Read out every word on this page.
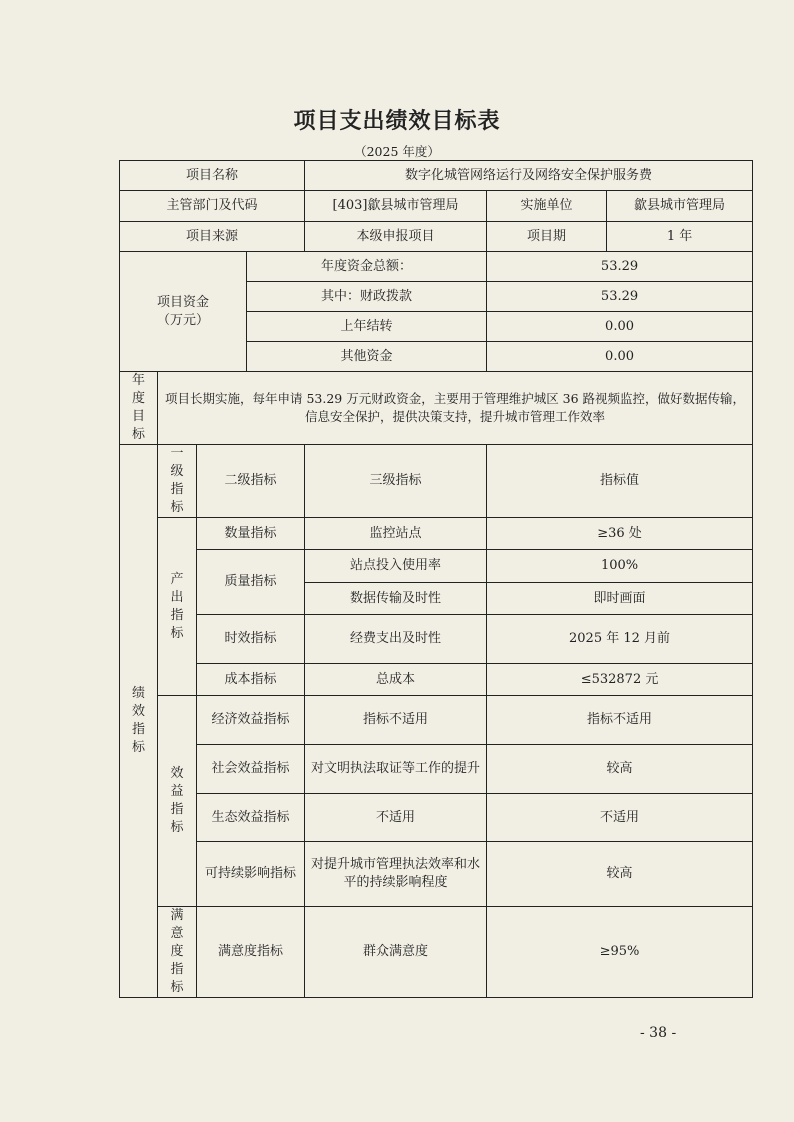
项目支出绩效目标表
（2025 年度）
项目名称				数字化城管网络运行及网络安全保护服务费		
主管部门及代码				[403]歙县城市管理局	实施单位	歙县城市管理局
项目来源				本级申报项目	项目期	1 年

项目资金
（万元）			年度资金总额：		53.29	
			其中：财政拨款		53.29	
			上年结转		0.00	
			其他资金		0.00	

年度目标	项目长期实施，每年申请 53.29 万元财政资金，主要用于管理维护城区 36 路视频监控，做好数据传输，信息安全保护，提供决策支持，提升城市管理工作效率					

绩效指标	一级指标	二级指标		三级指标	指标值	

	产出指标	数量指标		监控站点	≥36 处	
		质量指标		站点投入使用率	100%	
				数据传输及时性	即时画面	
		时效指标		经费支出及时性	2025 年 12 月前	
		成本指标		总成本	≤532872 元	

	效益指标	经济效益指标		指标不适用	指标不适用	
		社会效益指标		对文明执法取证等工作的提升	较高	
		生态效益指标		不适用	不适用	
		可持续影响指标		对提升城市管理执法效率和水平的持续影响程度	较高	

	满意度指标	满意度指标		群众满意度	≥95%	
- 38 -
